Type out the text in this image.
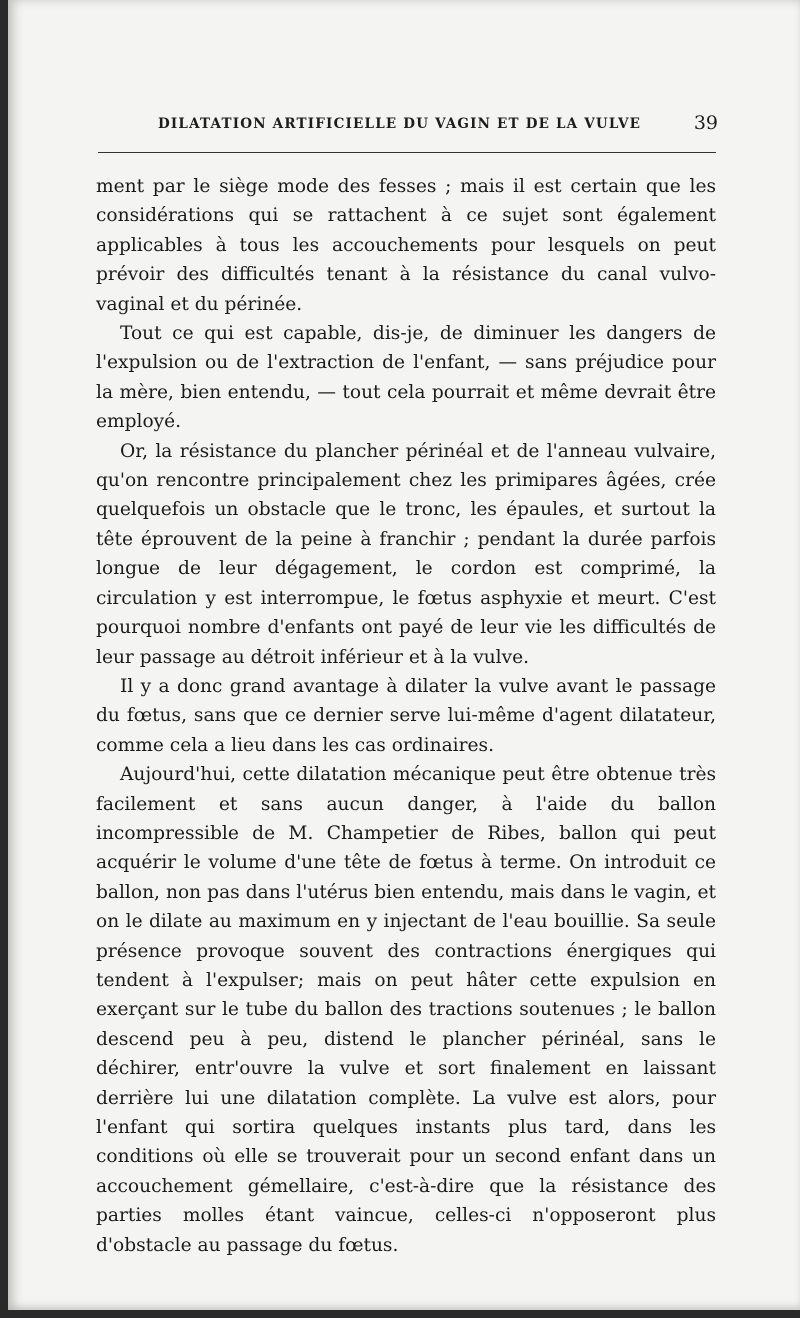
DILATATION ARTIFICIELLE DU VAGIN ET DE LA VULVE	39

ment par le siège mode des fesses ; mais il est certain que les considérations qui se rattachent à ce sujet sont également applicables à tous les accouchements pour lesquels on peut prévoir des difficultés tenant à la résistance du canal vulvo-vaginal et du périnée.

Tout ce qui est capable, dis-je, de diminuer les dangers de l'expulsion ou de l'extraction de l'enfant, — sans préjudice pour la mère, bien entendu, — tout cela pourrait et même devrait être employé.

Or, la résistance du plancher périnéal et de l'anneau vulvaire, qu'on rencontre principalement chez les primipares âgées, crée quelquefois un obstacle que le tronc, les épaules, et surtout la tête éprouvent de la peine à franchir ; pendant la durée parfois longue de leur dégagement, le cordon est comprimé, la circulation y est interrompue, le fœtus asphyxie et meurt. C'est pourquoi nombre d'enfants ont payé de leur vie les difficultés de leur passage au détroit inférieur et à la vulve.

Il y a donc grand avantage à dilater la vulve avant le passage du fœtus, sans que ce dernier serve lui-même d'agent dilatateur, comme cela a lieu dans les cas ordinaires.

Aujourd'hui, cette dilatation mécanique peut être obtenue très facilement et sans aucun danger, à l'aide du ballon incompressible de M. Champetier de Ribes, ballon qui peut acquérir le volume d'une tête de fœtus à terme. On introduit ce ballon, non pas dans l'utérus bien entendu, mais dans le vagin, et on le dilate au maximum en y injectant de l'eau bouillie. Sa seule présence provoque souvent des contractions énergiques qui tendent à l'expulser; mais on peut hâter cette expulsion en exerçant sur le tube du ballon des tractions soutenues ; le ballon descend peu à peu, distend le plancher périnéal, sans le déchirer, entr'ouvre la vulve et sort finalement en laissant derrière lui une dilatation complète. La vulve est alors, pour l'enfant qui sortira quelques instants plus tard, dans les conditions où elle se trouverait pour un second enfant dans un accouchement gémellaire, c'est-à-dire que la résistance des parties molles étant vaincue, celles-ci n'opposeront plus d'obstacle au passage du fœtus.
